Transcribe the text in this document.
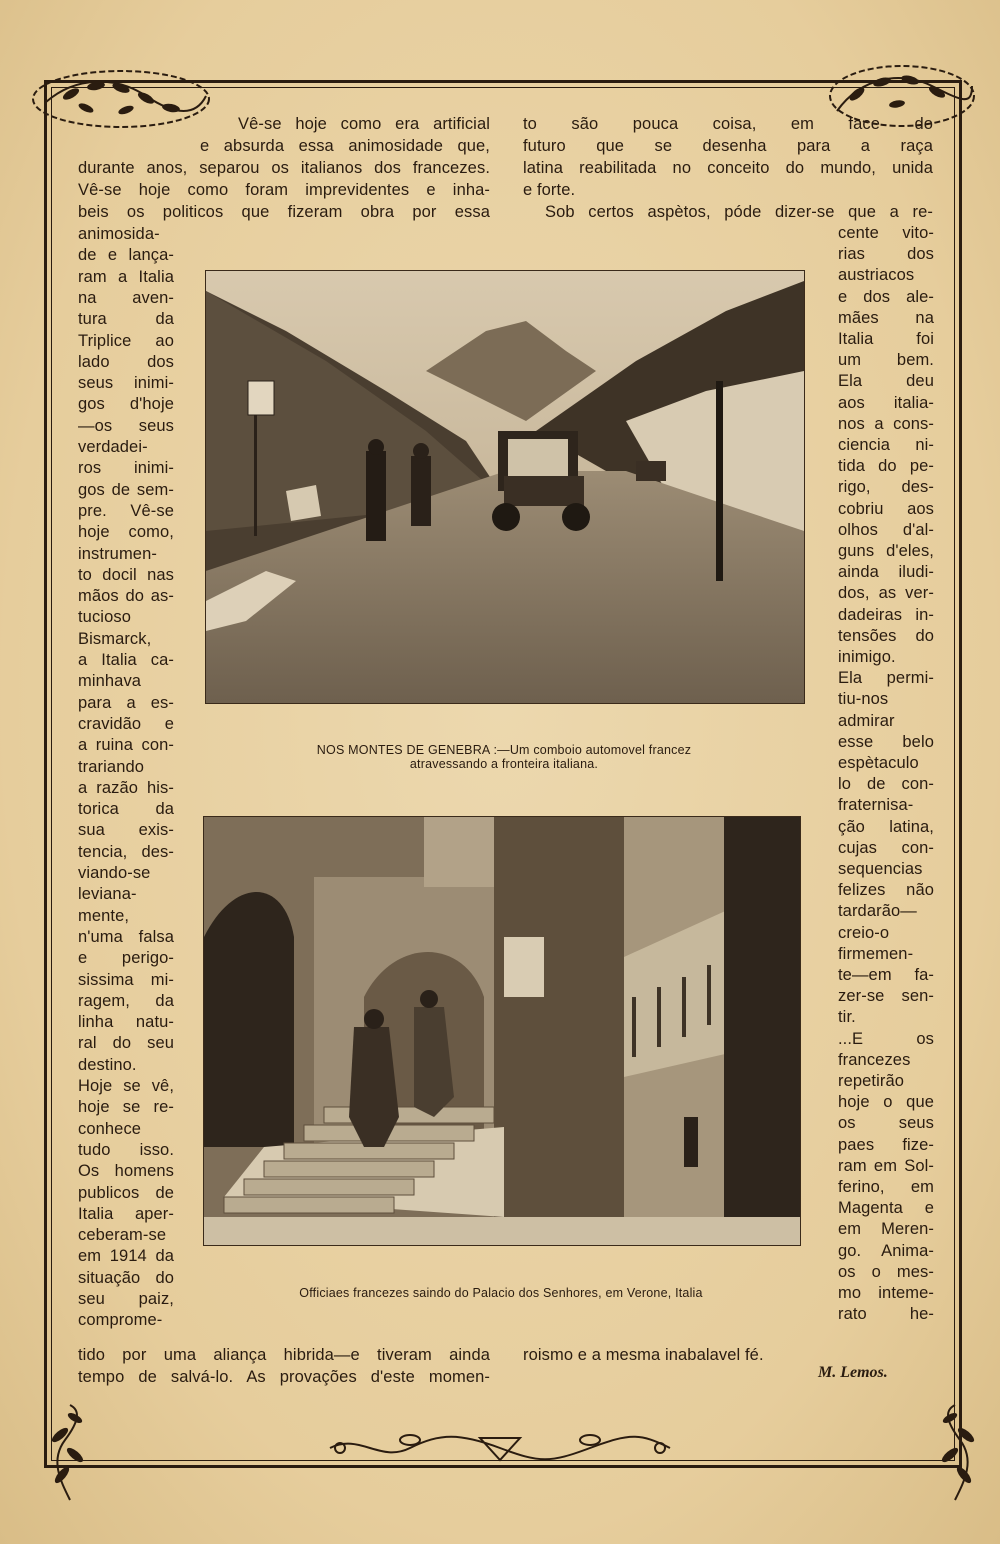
Vê-se hoje como era artificial
e absurda essa animosidade que,
durante anos, separou os italianos dos francezes.
Vê-se hoje como foram imprevidentes e inha-
beis os politicos que fizeram obra por essa
animosida-
de e lança-
ram a Italia
na aven-
tura da
Triplice ao
lado dos
seus inimi-
gos d'hoje
—os seus
verdadei-
ros inimi-
gos de sem-
pre. Vê-se
hoje como,
instrumen-
to docil nas
mãos do as-
tucioso
Bismarck,
a Italia ca-
minhava
para a es-
cravidão e
a ruina con-
trariando
a razão his-
torica da
sua exis-
tencia, des-
viando-se
leviana-
mente,
n'uma falsa
e perigo-
sissima mi-
ragem, da
linha natu-
ral do seu
destino.
Hoje se vê,
hoje se re-
conhece
tudo isso.
Os homens
publicos de
Italia aper-
ceberam-se
em 1914 da
situação do
seu paiz,
comprome-
tido por uma aliança hibrida—e tiveram ainda
tempo de salvá-lo. As provações d'este momen-
to são pouca coisa, em face do
futuro que se desenha para a raça
latina reabilitada no conceito do mundo, unida
e forte.
Sob certos aspètos, póde dizer-se que a re-
cente vito-
rias dos
austriacos
e dos ale-
mães na
Italia foi
um bem.
Ela deu
aos italia-
nos a cons-
ciencia ni-
tida do pe-
rigo, des-
cobriu aos
olhos d'al-
guns d'eles,
ainda iludi-
dos, as ver-
dadeiras in-
tensões do
inimigo.
Ela permi-
tiu-nos
admirar
esse belo
espètaculo
lo de con-
fraternisa-
ção latina,
cujas con-
sequencias
felizes não
tardarão—
creio-o
firmemen-
te—em fa-
zer-se sen-
tir.
...E os
francezes
repetirão
hoje o que
os seus
paes fize-
ram em Sol-
ferino, em
Magenta e
em Meren-
go. Anima-
os o mes-
mo inteme-
rato he-
roismo e a mesma inabalavel fé.
NOS MONTES DE GENEBRA :—Um comboio automovel francez
atravessando a fronteira italiana.
Officiaes francezes saindo do Palacio dos Senhores, em Verone, Italia
M. Lemos.
